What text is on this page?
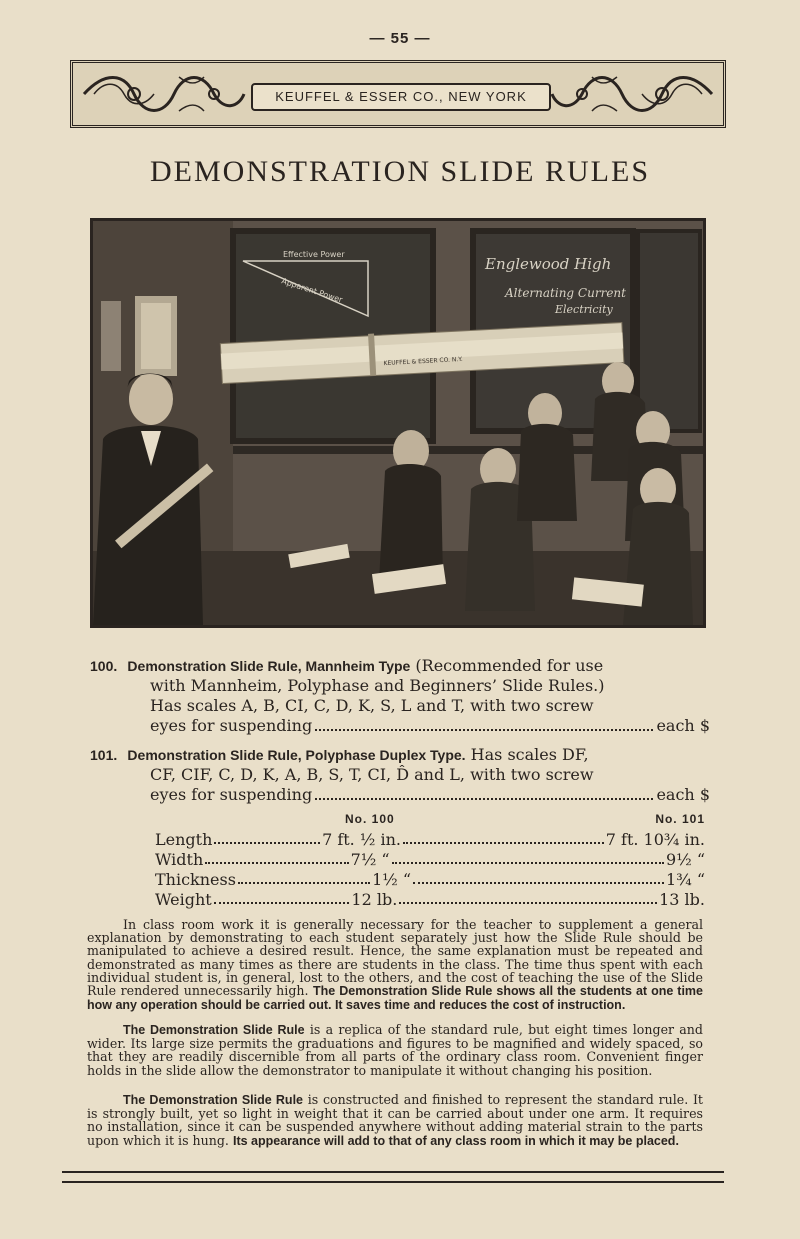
— 55 —
KEUFFEL & ESSER CO., NEW YORK
DEMONSTRATION SLIDE RULES
Effective Power
Apparent Power
Englewood High
Alternating Current
Electricity
KEUFFEL & ESSER CO. N.Y.
100. Demonstration Slide Rule, Mannheim Type (Recommended for use
with Mannheim, Polyphase and Beginners’ Slide Rules.)
Has scales A, B, CI, C, D, K, S, L and T, with two screw
eyes for suspending	each $
101. Demonstration Slide Rule, Polyphase Duplex Type. Has scales DF,
CF, CIF, C, D, K, A, B, S, T, CI, D̂ and L, with two screw
eyes for suspending	each $
No. 100	No. 101
Length	7 ft. ½ in.	7 ft. 10¾ in.
Width	7½ “	9½ “
Thickness	1½ “	1¾ “
Weight	12 lb.	13 lb.
In class room work it is generally necessary for the teacher to supplement a general explanation by demonstrating to each student separately just how the Slide Rule should be manipulated to achieve a desired result. Hence, the same explanation must be repeated and demonstrated as many times as there are students in the class. The time thus spent with each individual student is, in general, lost to the others, and the cost of teaching the use of the Slide Rule rendered unnecessarily high. The Demonstration Slide Rule shows all the students at one time how any operation should be carried out. It saves time and reduces the cost of instruction.
The Demonstration Slide Rule is a replica of the standard rule, but eight times longer and wider. Its large size permits the graduations and figures to be magnified and widely spaced, so that they are readily discernible from all parts of the ordinary class room. Convenient finger holds in the slide allow the demonstrator to manipulate it without changing his position.
The Demonstration Slide Rule is constructed and finished to represent the standard rule. It is strongly built, yet so light in weight that it can be carried about under one arm. It requires no installation, since it can be suspended anywhere without adding material strain to the parts upon which it is hung. Its appearance will add to that of any class room in which it may be placed.
